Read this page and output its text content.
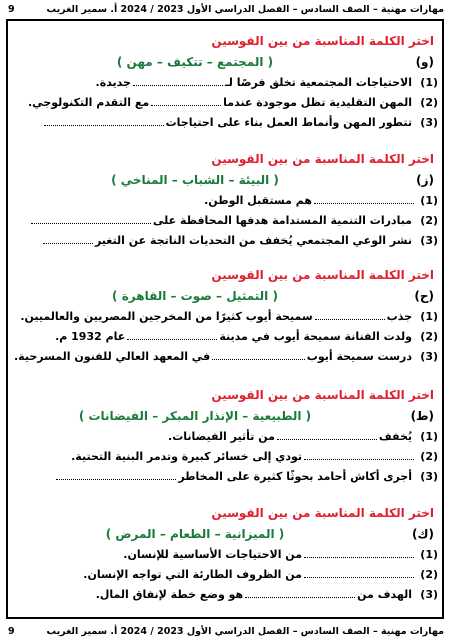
مهارات مهنية – الصف السادس – الفصل الدراسي الأول 2023 / 2024 أ. سمير الغريب
9
اختر الكلمة المناسبة من بين القوسين
(و)
( المجتمع – تتكيف – مهن )
(1)
الاحتياجات المجتمعية تخلق فرصًا لـ
جديدة.
(2)
المهن التقليدية تظل موجودة عندما
مع التقدم التكنولوجي.
(3)
تتطور المهن وأنماط العمل بناء على احتياجات
اختر الكلمة المناسبة من بين القوسين
(ز)
( البيئة – الشباب – المناخي )
(1)
هم مستقبل الوطن.
(2)
مبادرات التنمية المستدامة هدفها المحافظة على
(3)
نشر الوعي المجتمعي يُخفف من التحديات الناتجة عن التغير
اختر الكلمة المناسبة من بين القوسين
(ح)
( التمثيل – صوت – القاهرة )
(1)
جذب
سميحة أيوب كثيرًا من المخرجين المصريين والعالميين.
(2)
ولدت الفنانة سميحة أيوب في مدينة
عام 1932 م.
(3)
درست سميحة أيوب
في المعهد العالي للفنون المسرحية.
اختر الكلمة المناسبة من بين القوسين
(ط)
( الطبيعية – الإنذار المبكر – الفيضانات )
(1)
يُخفف
من تأثير الفيضانات.
(2)
تودي إلى خسائر كبيرة وتدمر البنية التحتية.
(3)
أجرى أكاش أحامد بحوثًا كثيرة على المخاطر
اختر الكلمة المناسبة من بين القوسين
(ك)
( الميزانية – الطعام – المرض )
(1)
من الاحتياجات الأساسية للإنسان.
(2)
من الظروف الطارئة التي تواجه الإنسان.
(3)
الهدف من
هو وضع خطة لإنفاق المال.
مهارات مهنية – الصف السادس – الفصل الدراسي الأول 2023 / 2024 أ. سمير الغريب
9
